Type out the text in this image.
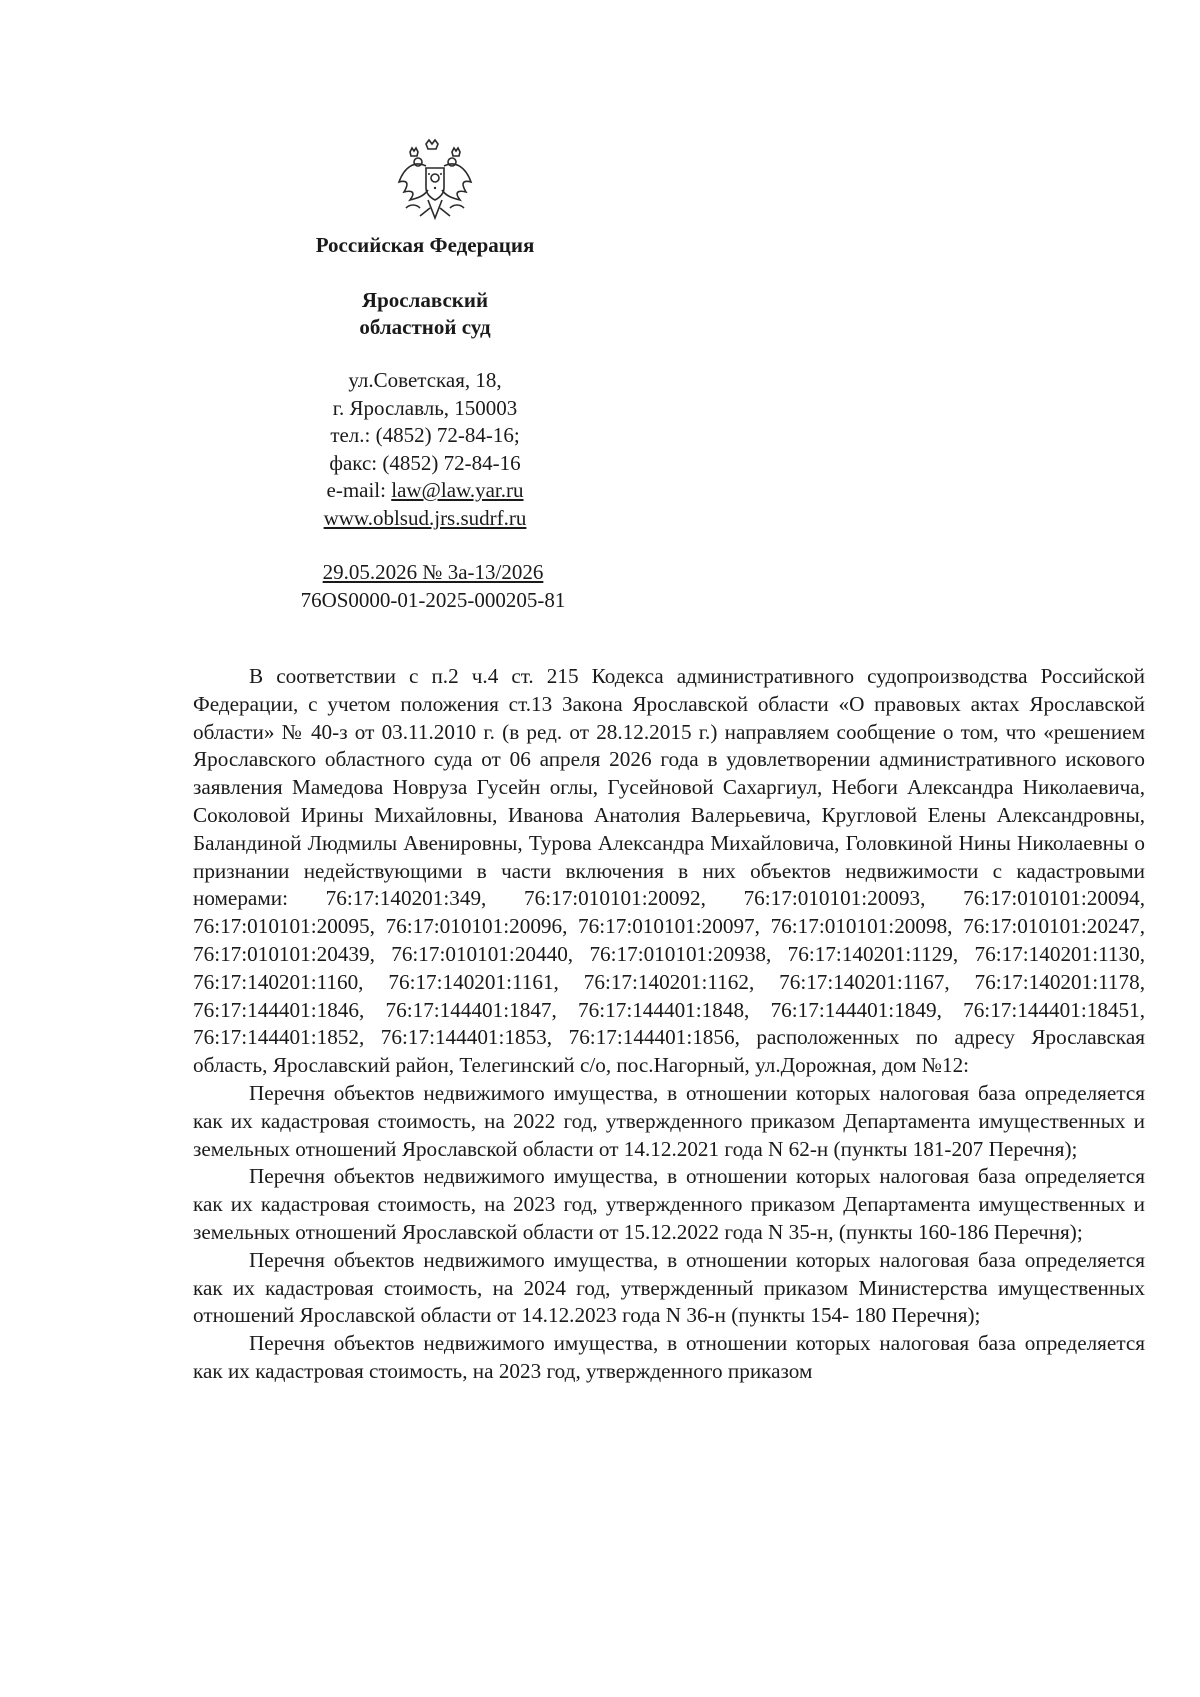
Российская Федерация
Ярославский
областной суд
ул.Советская, 18,
г. Ярославль, 150003
тел.: (4852) 72-84-16;
факс: (4852) 72-84-16
e-mail: law@law.yar.ru
www.oblsud.jrs.sudrf.ru
29.05.2026 № 3а-13/2026
76OS0000-01-2025-000205-81

В соответствии с п.2 ч.4 ст. 215 Кодекса административного судопроизводства Российской Федерации, с учетом положения ст.13 Закона Ярославской области «О правовых актах Ярославской области» № 40-з от 03.11.2010 г. (в ред. от 28.12.2015 г.) направляем сообщение о том, что «решением Ярославского областного суда от 06 апреля 2026 года в удовлетворении административного искового заявления Мамедова Новруза Гусейн оглы, Гусейновой Сахаргиул, Небоги Александра Николаевича, Соколовой Ирины Михайловны, Иванова Анатолия Валерьевича, Кругловой Елены Александровны, Баландиной Людмилы Авенировны, Турова Александра Михайловича, Головкиной Нины Николаевны о признании недействующими в части включения в них объектов недвижимости с кадастровыми номерами: 76:17:140201:349, 76:17:010101:20092, 76:17:010101:20093, 76:17:010101:20094, 76:17:010101:20095, 76:17:010101:20096, 76:17:010101:20097, 76:17:010101:20098, 76:17:010101:20247, 76:17:010101:20439, 76:17:010101:20440, 76:17:010101:20938, 76:17:140201:1129, 76:17:140201:1130, 76:17:140201:1160, 76:17:140201:1161, 76:17:140201:1162, 76:17:140201:1167, 76:17:140201:1178, 76:17:144401:1846, 76:17:144401:1847, 76:17:144401:1848, 76:17:144401:1849, 76:17:144401:18451, 76:17:144401:1852, 76:17:144401:1853, 76:17:144401:1856, расположенных по адресу Ярославская область, Ярославский район, Телегинский с/о, пос.Нагорный, ул.Дорожная, дом №12:

Перечня объектов недвижимого имущества, в отношении которых налоговая база определяется как их кадастровая стоимость, на 2022 год, утвержденного приказом Департамента имущественных и земельных отношений Ярославской области от 14.12.2021 года N 62-н (пункты 181-207 Перечня);

Перечня объектов недвижимого имущества, в отношении которых налоговая база определяется как их кадастровая стоимость, на 2023 год, утвержденного приказом Департамента имущественных и земельных отношений Ярославской области от 15.12.2022 года N 35-н, (пункты 160-186 Перечня);

Перечня объектов недвижимого имущества, в отношении которых налоговая база определяется как их кадастровая стоимость, на 2024 год, утвержденный приказом Министерства имущественных отношений Ярославской области от 14.12.2023 года N 36-н (пункты 154- 180 Перечня);

Перечня объектов недвижимого имущества, в отношении которых налоговая база определяется как их кадастровая стоимость, на 2023 год, утвержденного приказом
